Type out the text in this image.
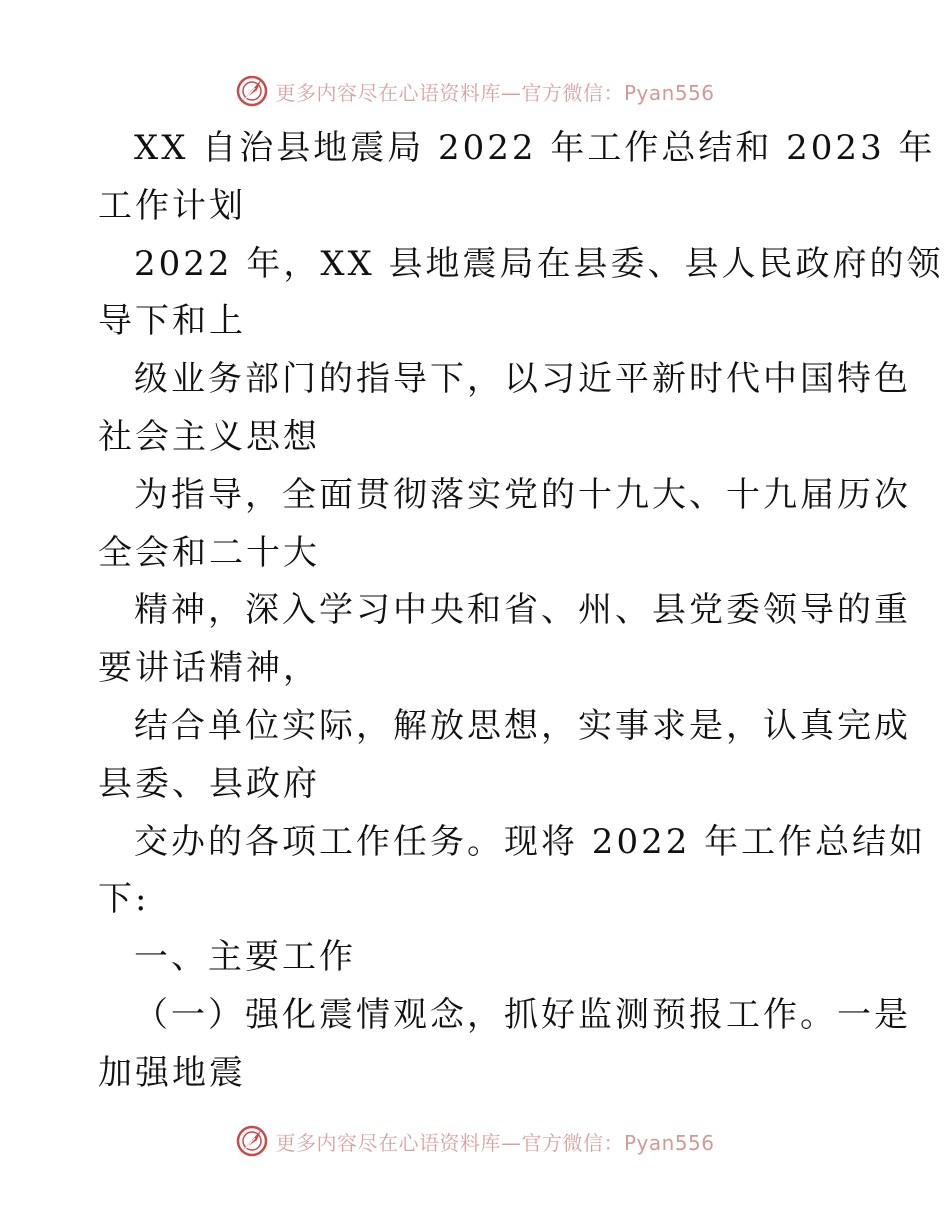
更多内容尽在心语资料库—官方微信：Pyan556
XX 自治县地震局 2022 年工作总结和 2023 年
工作计划
2022 年，XX 县地震局在县委、县人民政府的领
导下和上
级业务部门的指导下，以习近平新时代中国特色
社会主义思想
为指导，全面贯彻落实党的十九大、十九届历次
全会和二十大
精神，深入学习中央和省、州、县党委领导的重
要讲话精神，
结合单位实际，解放思想，实事求是，认真完成
县委、县政府
交办的各项工作任务。现将 2022 年工作总结如
下:
一、主要工作
（一）强化震情观念，抓好监测预报工作。一是
加强地震
更多内容尽在心语资料库—官方微信：Pyan556
